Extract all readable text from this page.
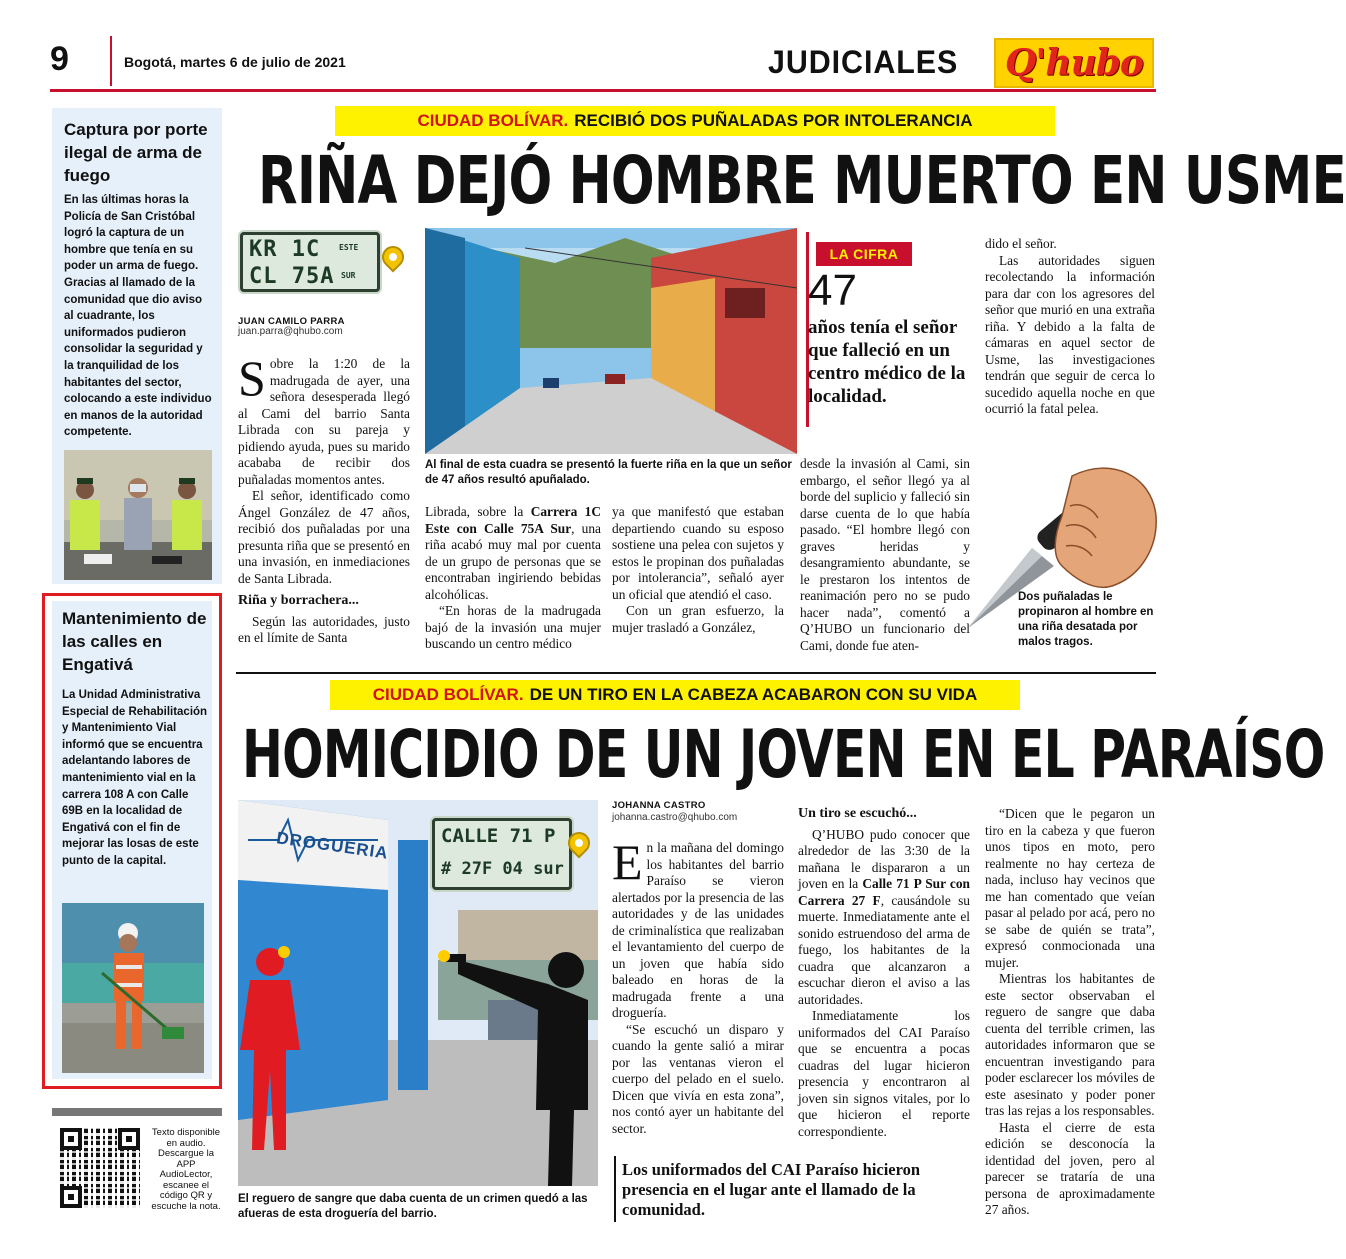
9	Bogotá, martes 6 de julio de 2021	JUDICIALES Q'hubo
Captura por porte ilegal de arma de fuego
En las últimas horas la Policía de San Cristóbal logró la captura de un hombre que tenía en su poder un arma de fuego. Gracias al llamado de la comunidad que dio aviso al cuadrante, los uniformados pudieron consolidar la seguridad y la tranquilidad de los habitantes del sector, colocando a este individuo en manos de la autoridad competente.
Mantenimiento de las calles en Engativá
La Unidad Administrativa Especial de Rehabilitación y Mantenimiento Vial informó que se encuentra adelantando labores de mantenimiento vial en la carrera 108 A con Calle 69B en la localidad de Engativá con el fin de mejorar las losas de este punto de la capital.
Texto disponible en audio. Descargue la APP AudioLector, escanee el código QR y escuche la nota.
CIUDAD BOLÍVAR. RECIBIÓ DOS PUÑALADAS POR INTOLERANCIA
RIÑA DEJÓ HOMBRE MUERTO EN USME
KR 1C ESTE
CL 75A SUR
JUAN CAMILO PARRA
juan.parra@qhubo.com

Sobre la 1:20 de la madrugada de ayer, una señora desesperada llegó al Cami del barrio Santa Librada con su pareja y pidiendo ayuda, pues su marido acababa de recibir dos puñaladas momentos antes.

El señor, identificado como Ángel González de 47 años, recibió dos puñaladas por una presunta riña que se presentó en una invasión, en inmediaciones de Santa Librada.

Riña y borrachera...

Según las autoridades, justo en el límite de Santa

Al final de esta cuadra se presentó la fuerte riña en la que un señor de 47 años resultó apuñalado.

Librada, sobre la Carrera 1C Este con Calle 75A Sur, una riña acabó muy mal por cuenta de un grupo de personas que se encontraban ingiriendo bebidas alcohólicas.

“En horas de la madrugada bajó de la invasión una mujer buscando un centro médico

ya que manifestó que estaban departiendo cuando su esposo sostiene una pelea con sujetos y estos le propinan dos puñaladas por intolerancia”, señaló ayer un oficial que atendió el caso.

Con un gran esfuerzo, la mujer trasladó a González,

LA CIFRA
47
años tenía el señor que falleció en un centro médico de la localidad.

desde la invasión al Cami, sin embargo, el señor llegó ya al borde del suplicio y falleció sin darse cuenta de lo que había pasado. “El hombre llegó con graves heridas y desangramiento abundante, se le prestaron los intentos de reanimación pero no se pudo hacer nada”, comentó a Q’HUBO un funcionario del Cami, donde fue aten-

dido el señor.

Las autoridades siguen recolectando la información para dar con los agresores del señor que murió en una extraña riña. Y debido a la falta de cámaras en aquel sector de Usme, las investigaciones tendrán que seguir de cerca lo sucedido aquella noche en que ocurrió la fatal pelea.

Dos puñaladas le propinaron al hombre en una riña desatada por malos tragos.
CIUDAD BOLÍVAR. DE UN TIRO EN LA CABEZA ACABARON CON SU VIDA
HOMICIDIO DE UN JOVEN EN EL PARAÍSO
DROGUERIA	CALLE 71 P
# 27F 04 sur
El reguero de sangre que daba cuenta de un crimen quedó a las afueras de esta droguería del barrio.
JOHANNA CASTRO
johanna.castro@qhubo.com

En la mañana del domingo los habitantes del barrio Paraíso se vieron alertados por la presencia de las autoridades y de las unidades de criminalística que realizaban el levantamiento del cuerpo de un joven que había sido baleado en horas de la madrugada frente a una droguería.

“Se escuchó un disparo y cuando la gente salió a mirar por las ventanas vieron el cuerpo del pelado en el suelo. Dicen que vivía en esta zona”, nos contó ayer un habitante del sector.

Un tiro se escuchó...

Q’HUBO pudo conocer que alrededor de las 3:30 de la mañana le dispararon a un joven en la Calle 71 P Sur con Carrera 27 F, causándole su muerte. Inmediatamente ante el sonido estruendoso del arma de fuego, los habitantes de la cuadra que alcanzaron a escuchar dieron el aviso a las autoridades.

Inmediatamente los uniformados del CAI Paraíso que se encuentra a pocas cuadras del lugar hicieron presencia y encontraron al joven sin signos vitales, por lo que hicieron el reporte correspondiente.

“Dicen que le pegaron un tiro en la cabeza y que fueron unos tipos en moto, pero realmente no hay certeza de nada, incluso hay vecinos que me han comentado que veían pasar al pelado por acá, pero no se sabe de quién se trata”, expresó conmocionada una mujer.

Mientras los habitantes de este sector observaban el reguero de sangre que daba cuenta del terrible crimen, las autoridades informaron que se encuentran investigando para poder esclarecer los móviles de este asesinato y poder poner tras las rejas a los responsables.

Hasta el cierre de esta edición se desconocía la identidad del joven, pero al parecer se trataría de una persona de aproximadamente 27 años.

Los uniformados del CAI Paraíso hicieron presencia en el lugar ante el llamado de la comunidad.
